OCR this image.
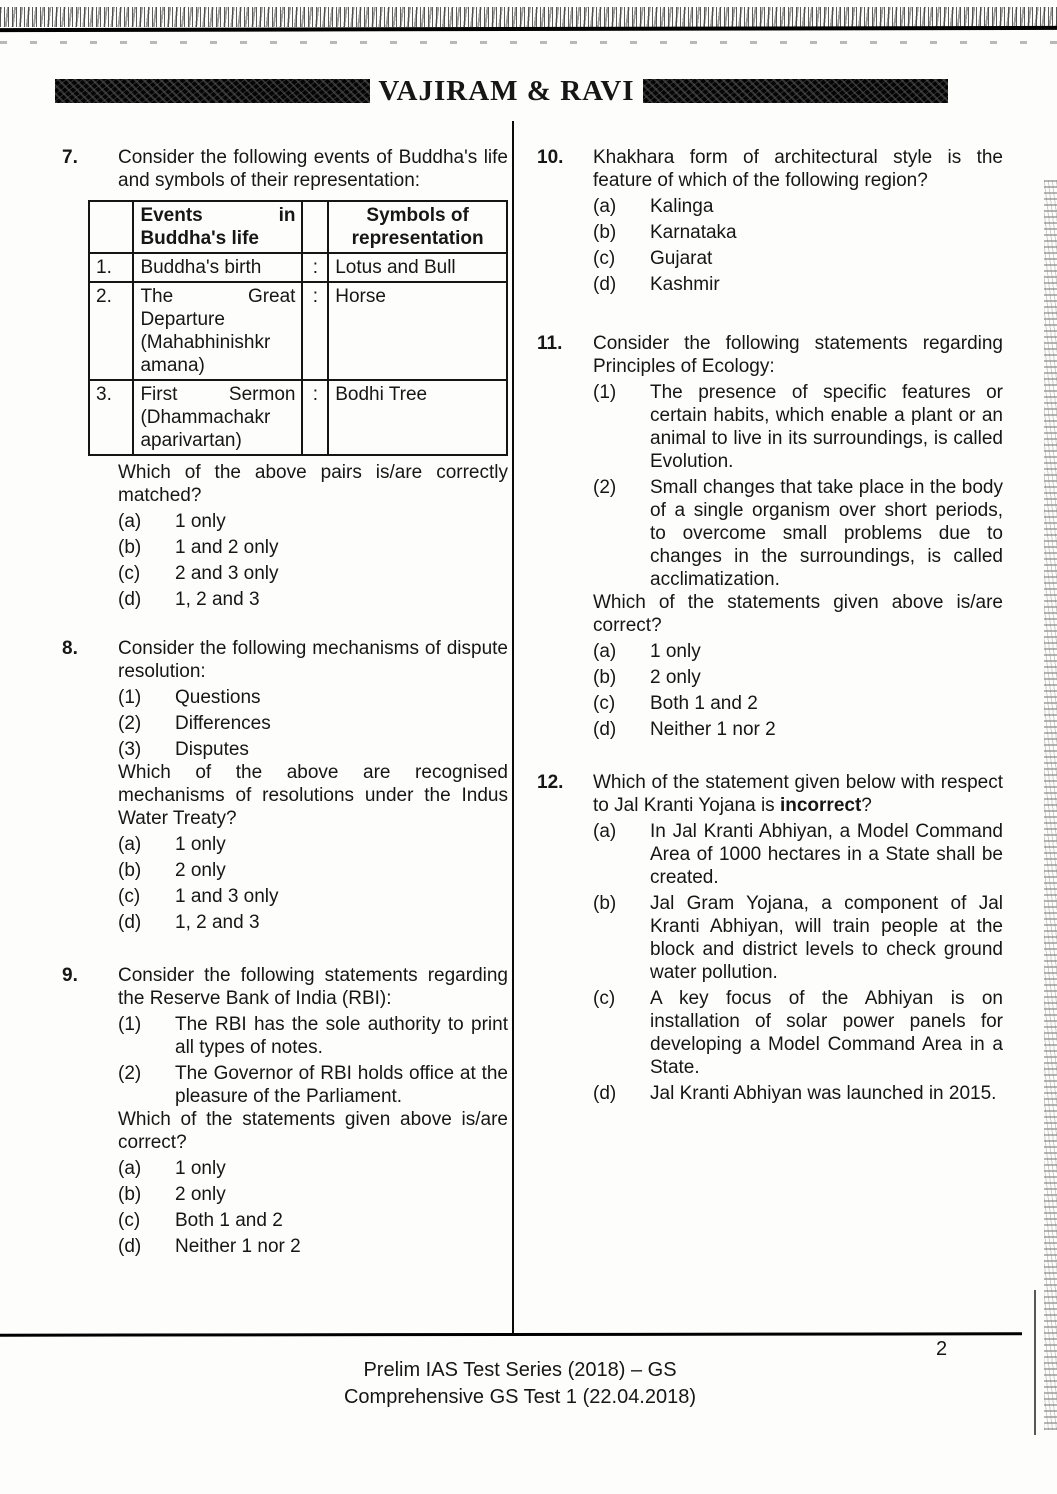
VAJIRAM & RAVI
7.	Consider the following events of Buddha's life and symbols of their representation:

	Events in Buddha's life		Symbols of representation
1.	Buddha's birth	:	Lotus and Bull
2.	The Great Departure (Mahabhinishkr amana)	:	Horse
3.	First Sermon (Dhammachakr aparivartan)	:	Bodhi Tree

Which of the above pairs is/are correctly matched?

(a)	1 only
(b)	1 and 2 only
(c)	2 and 3 only
(d)	1, 2 and 3
8.	Consider the following mechanisms of dispute resolution:

(1)	Questions
(2)	Differences
(3)	Disputes

Which of the above are recognised mechanisms of resolutions under the Indus Water Treaty?

(a)	1 only
(b)	2 only
(c)	1 and 3 only
(d)	1, 2 and 3
9.	Consider the following statements regarding the Reserve Bank of India (RBI):

(1)	The RBI has the sole authority to print all types of notes.
(2)	The Governor of RBI holds office at the pleasure of the Parliament.

Which of the statements given above is/are correct?

(a)	1 only
(b)	2 only
(c)	Both 1 and 2
(d)	Neither 1 nor 2
10.	Khakhara form of architectural style is the feature of which of the following region?

(a)	Kalinga
(b)	Karnataka
(c)	Gujarat
(d)	Kashmir
11.	Consider the following statements regarding Principles of Ecology:

(1)	The presence of specific features or certain habits, which enable a plant or an animal to live in its surroundings, is called Evolution.
(2)	Small changes that take place in the body of a single organism over short periods, to overcome small problems due to changes in the surroundings, is called acclimatization.

Which of the statements given above is/are correct?

(a)	1 only
(b)	2 only
(c)	Both 1 and 2
(d)	Neither 1 nor 2
12.	Which of the statement given below with respect to Jal Kranti Yojana is incorrect?

(a)	In Jal Kranti Abhiyan, a Model Command Area of 1000 hectares in a State shall be created.
(b)	Jal Gram Yojana, a component of Jal Kranti Abhiyan, will train people at the block and district levels to check ground water pollution.
(c)	A key focus of the Abhiyan is on installation of solar power panels for developing a Model Command Area in a State.
(d)	Jal Kranti Abhiyan was launched in 2015.
2
Prelim IAS Test Series (2018) – GS
Comprehensive GS Test 1 (22.04.2018)
